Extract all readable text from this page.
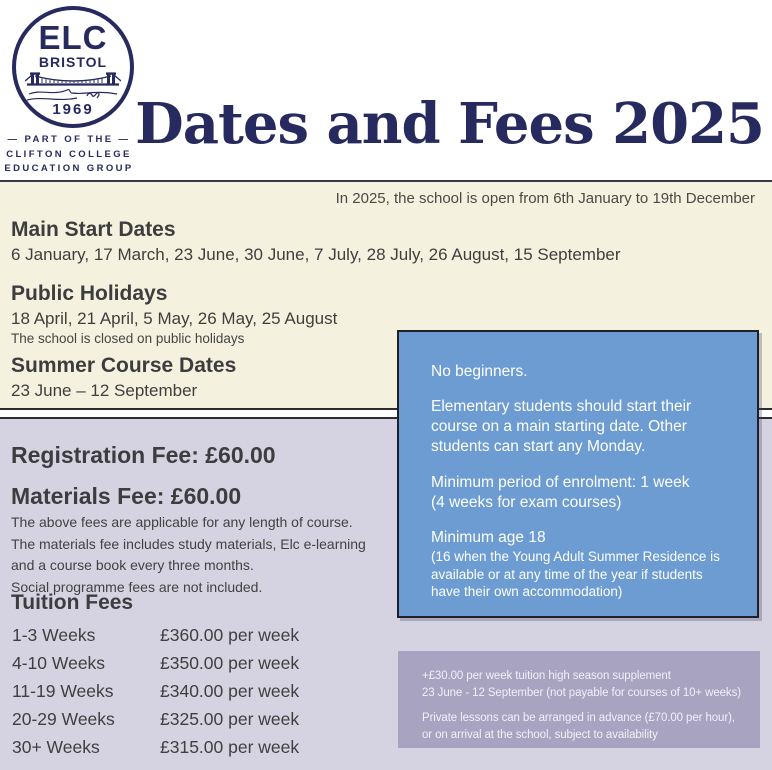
ELC
BRISTOL
1969
— PART OF THE —
CLIFTON COLLEGE
EDUCATION GROUP
Dates and Fees 2025
In 2025, the school is open from 6th January to 19th December
Main Start Dates
6 January, 17 March, 23 June, 30 June, 7 July, 28 July, 26 August, 15 September
Public Holidays
18 April, 21 April, 5 May, 26 May, 25 August
The school is closed on public holidays
Summer Course Dates
23 June – 12 September
Registration Fee: £60.00
Materials Fee: £60.00
The above fees are applicable for any length of course.
The materials fee includes study materials, Elc e-learning
and a course book every three months.
Social programme fees are not included.
Tuition Fees
1-3 Weeks	£360.00 per week
4-10 Weeks	£350.00 per week
11-19 Weeks	£340.00 per week
20-29 Weeks	£325.00 per week
30+ Weeks	£315.00 per week

No beginners.

Elementary students should start their course on a main starting date. Other students can start any Monday.

Minimum period of enrolment: 1 week
(4 weeks for exam courses)

Minimum age 18
(16 when the Young Adult Summer Residence is available or at any time of the year if students have their own accommodation)

+£30.00 per week tuition high season supplement
23 June - 12 September (not payable for courses of 10+ weeks)
Private lessons can be arranged in advance (£70.00 per hour),
or on arrival at the school, subject to availability
